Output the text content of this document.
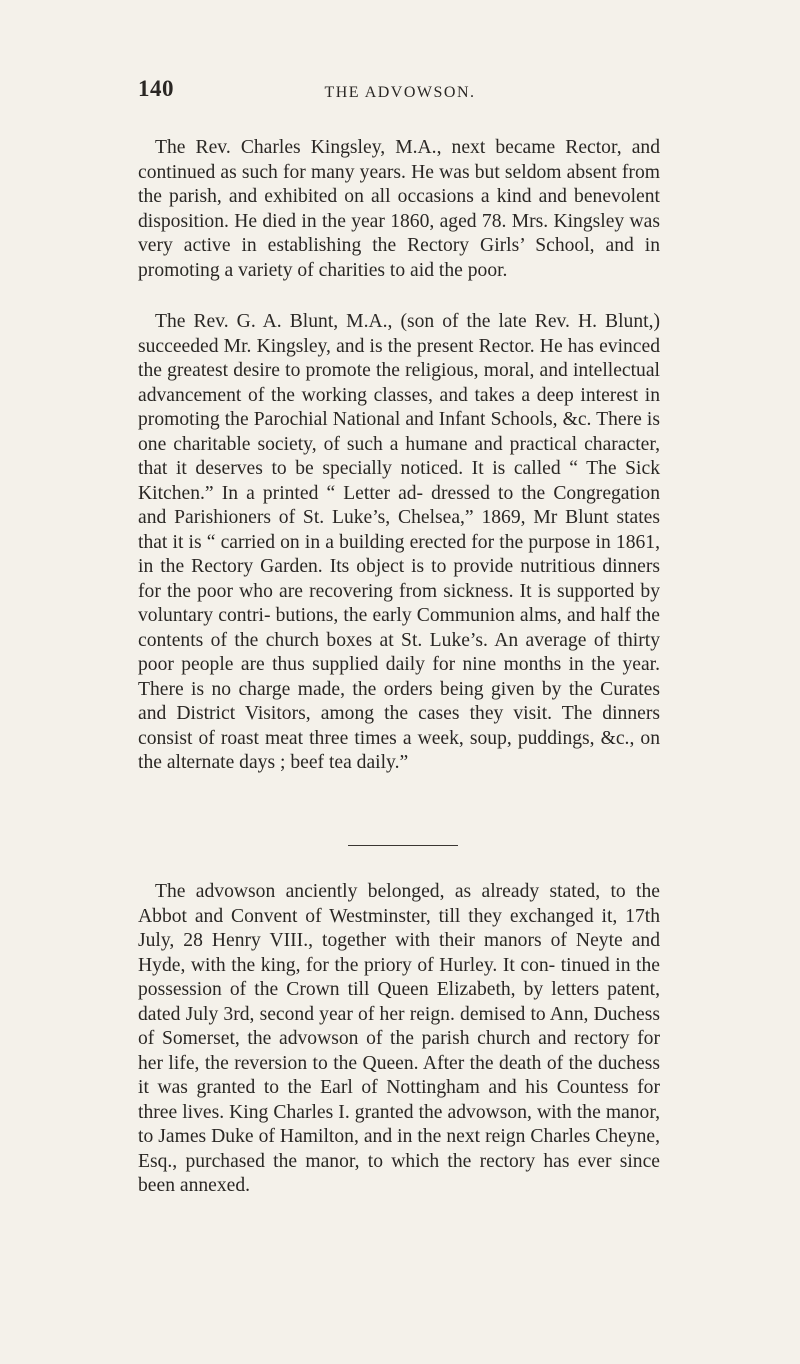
140	THE ADVOWSON.

The Rev. Charles Kingsley, M.A., next became Rector, and continued as such for many years. He was but seldom absent from the parish, and exhibited on all occasions a kind and benevolent disposition. He died in the year 1860, aged 78. Mrs. Kingsley was very active in establishing the Rectory Girls’ School, and in promoting a variety of charities to aid the poor.

The Rev. G. A. Blunt, M.A., (son of the late Rev. H. Blunt,) succeeded Mr. Kingsley, and is the present Rector. He has evinced the greatest desire to promote the religious, moral, and intellectual advancement of the working classes, and takes a deep interest in promoting the Parochial National and Infant Schools, &c. There is one charitable society, of such a humane and practical character, that it deserves to be specially noticed. It is called “ The Sick Kitchen.” In a printed “ Letter ad- dressed to the Congregation and Parishioners of St. Luke’s, Chelsea,” 1869, Mr Blunt states that it is “ carried on in a building erected for the purpose in 1861, in the Rectory Garden. Its object is to provide nutritious dinners for the poor who are recovering from sickness. It is supported by voluntary contri- butions, the early Communion alms, and half the contents of the church boxes at St. Luke’s. An average of thirty poor people are thus supplied daily for nine months in the year. There is no charge made, the orders being given by the Curates and District Visitors, among the cases they visit. The dinners consist of roast meat three times a week, soup, puddings, &c., on the alternate days ; beef tea daily.”

The advowson anciently belonged, as already stated, to the Abbot and Convent of Westminster, till they exchanged it, 17th July, 28 Henry VIII., together with their manors of Neyte and Hyde, with the king, for the priory of Hurley. It con- tinued in the possession of the Crown till Queen Elizabeth, by letters patent, dated July 3rd, second year of her reign. demised to Ann, Duchess of Somerset, the advowson of the parish church and rectory for her life, the reversion to the Queen. After the death of the duchess it was granted to the Earl of Nottingham and his Countess for three lives. King Charles I. granted the advowson, with the manor, to James Duke of Hamilton, and in the next reign Charles Cheyne, Esq., purchased the manor, to which the rectory has ever since been annexed.
